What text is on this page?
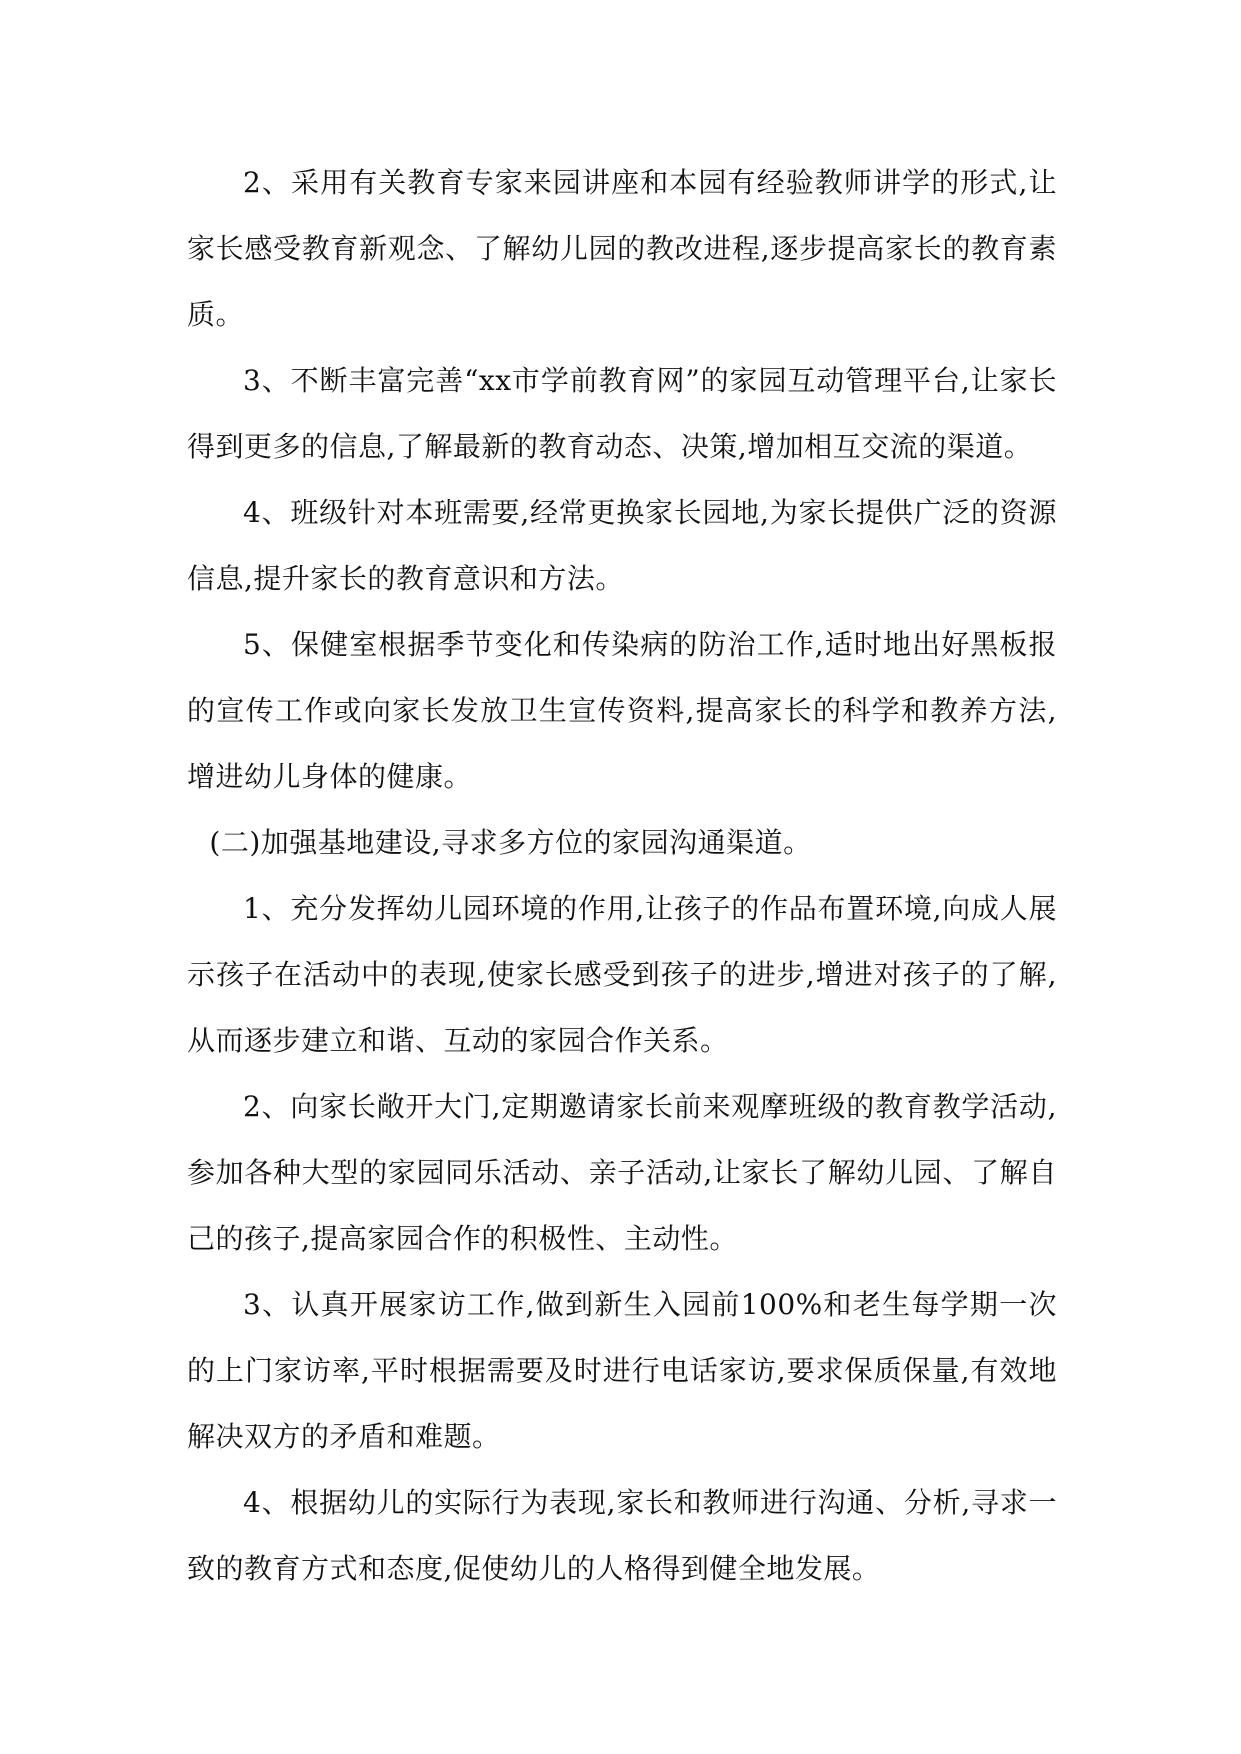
2、采用有关教育专家来园讲座和本园有经验教师讲学的形式,让家长感受教育新观念、了解幼儿园的教改进程,逐步提高家长的教育素质。

3、不断丰富完善“xx市学前教育网”的家园互动管理平台,让家长得到更多的信息,了解最新的教育动态、决策,增加相互交流的渠道。

4、班级针对本班需要,经常更换家长园地,为家长提供广泛的资源信息,提升家长的教育意识和方法。

5、保健室根据季节变化和传染病的防治工作,适时地出好黑板报的宣传工作或向家长发放卫生宣传资料,提高家长的科学和教养方法,增进幼儿身体的健康。

(二)加强基地建设,寻求多方位的家园沟通渠道。

1、充分发挥幼儿园环境的作用,让孩子的作品布置环境,向成人展示孩子在活动中的表现,使家长感受到孩子的进步,增进对孩子的了解,从而逐步建立和谐、互动的家园合作关系。

2、向家长敞开大门,定期邀请家长前来观摩班级的教育教学活动,参加各种大型的家园同乐活动、亲子活动,让家长了解幼儿园、了解自己的孩子,提高家园合作的积极性、主动性。

3、认真开展家访工作,做到新生入园前100%和老生每学期一次的上门家访率,平时根据需要及时进行电话家访,要求保质保量,有效地解决双方的矛盾和难题。

4、根据幼儿的实际行为表现,家长和教师进行沟通、分析,寻求一致的教育方式和态度,促使幼儿的人格得到健全地发展。
